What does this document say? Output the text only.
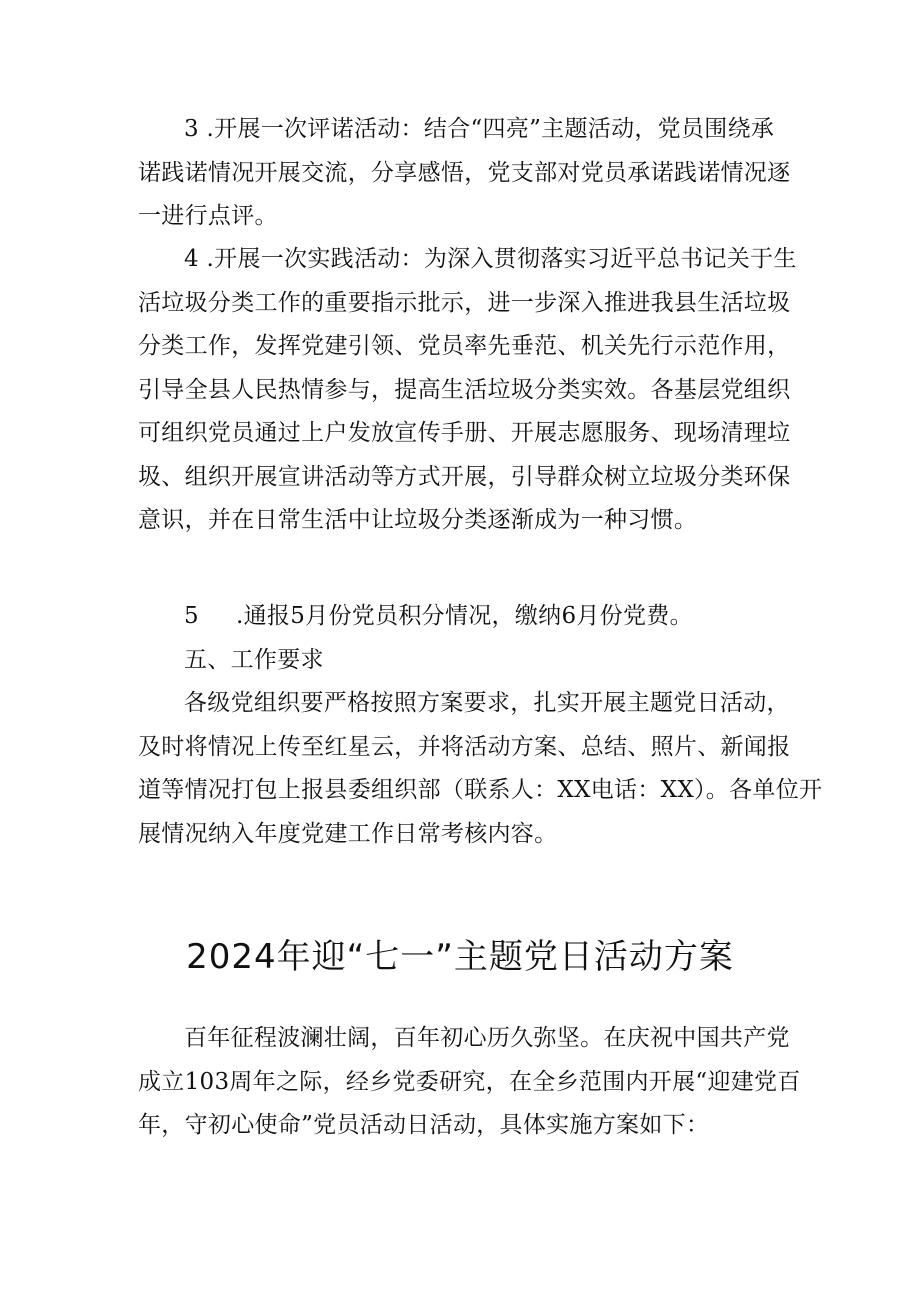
3 .开展一次评诺活动：结合“四亮”主题活动，党员围绕承
诺践诺情况开展交流，分享感悟，党支部对党员承诺践诺情况逐
一进行点评。
4 .开展一次实践活动：为深入贯彻落实习近平总书记关于生
活垃圾分类工作的重要指示批示，进一步深入推进我县生活垃圾
分类工作，发挥党建引领、党员率先垂范、机关先行示范作用，
引导全县人民热情参与，提高生活垃圾分类实效。各基层党组织
可组织党员通过上户发放宣传手册、开展志愿服务、现场清理垃
圾、组织开展宣讲活动等方式开展，引导群众树立垃圾分类环保
意识，并在日常生活中让垃圾分类逐渐成为一种习惯。
5 .通报5月份党员积分情况，缴纳6月份党费。
五、工作要求
各级党组织要严格按照方案要求，扎实开展主题党日活动，
及时将情况上传至红星云，并将活动方案、总结、照片、新闻报
道等情况打包上报县委组织部（联系人：XX电话：XX）。各单位开
展情况纳入年度党建工作日常考核内容。
2024年迎“七一”主题党日活动方案
百年征程波澜壮阔，百年初心历久弥坚。在庆祝中国共产党
成立103周年之际，经乡党委研究，在全乡范围内开展“迎建党百
年，守初心使命”党员活动日活动，具体实施方案如下：
